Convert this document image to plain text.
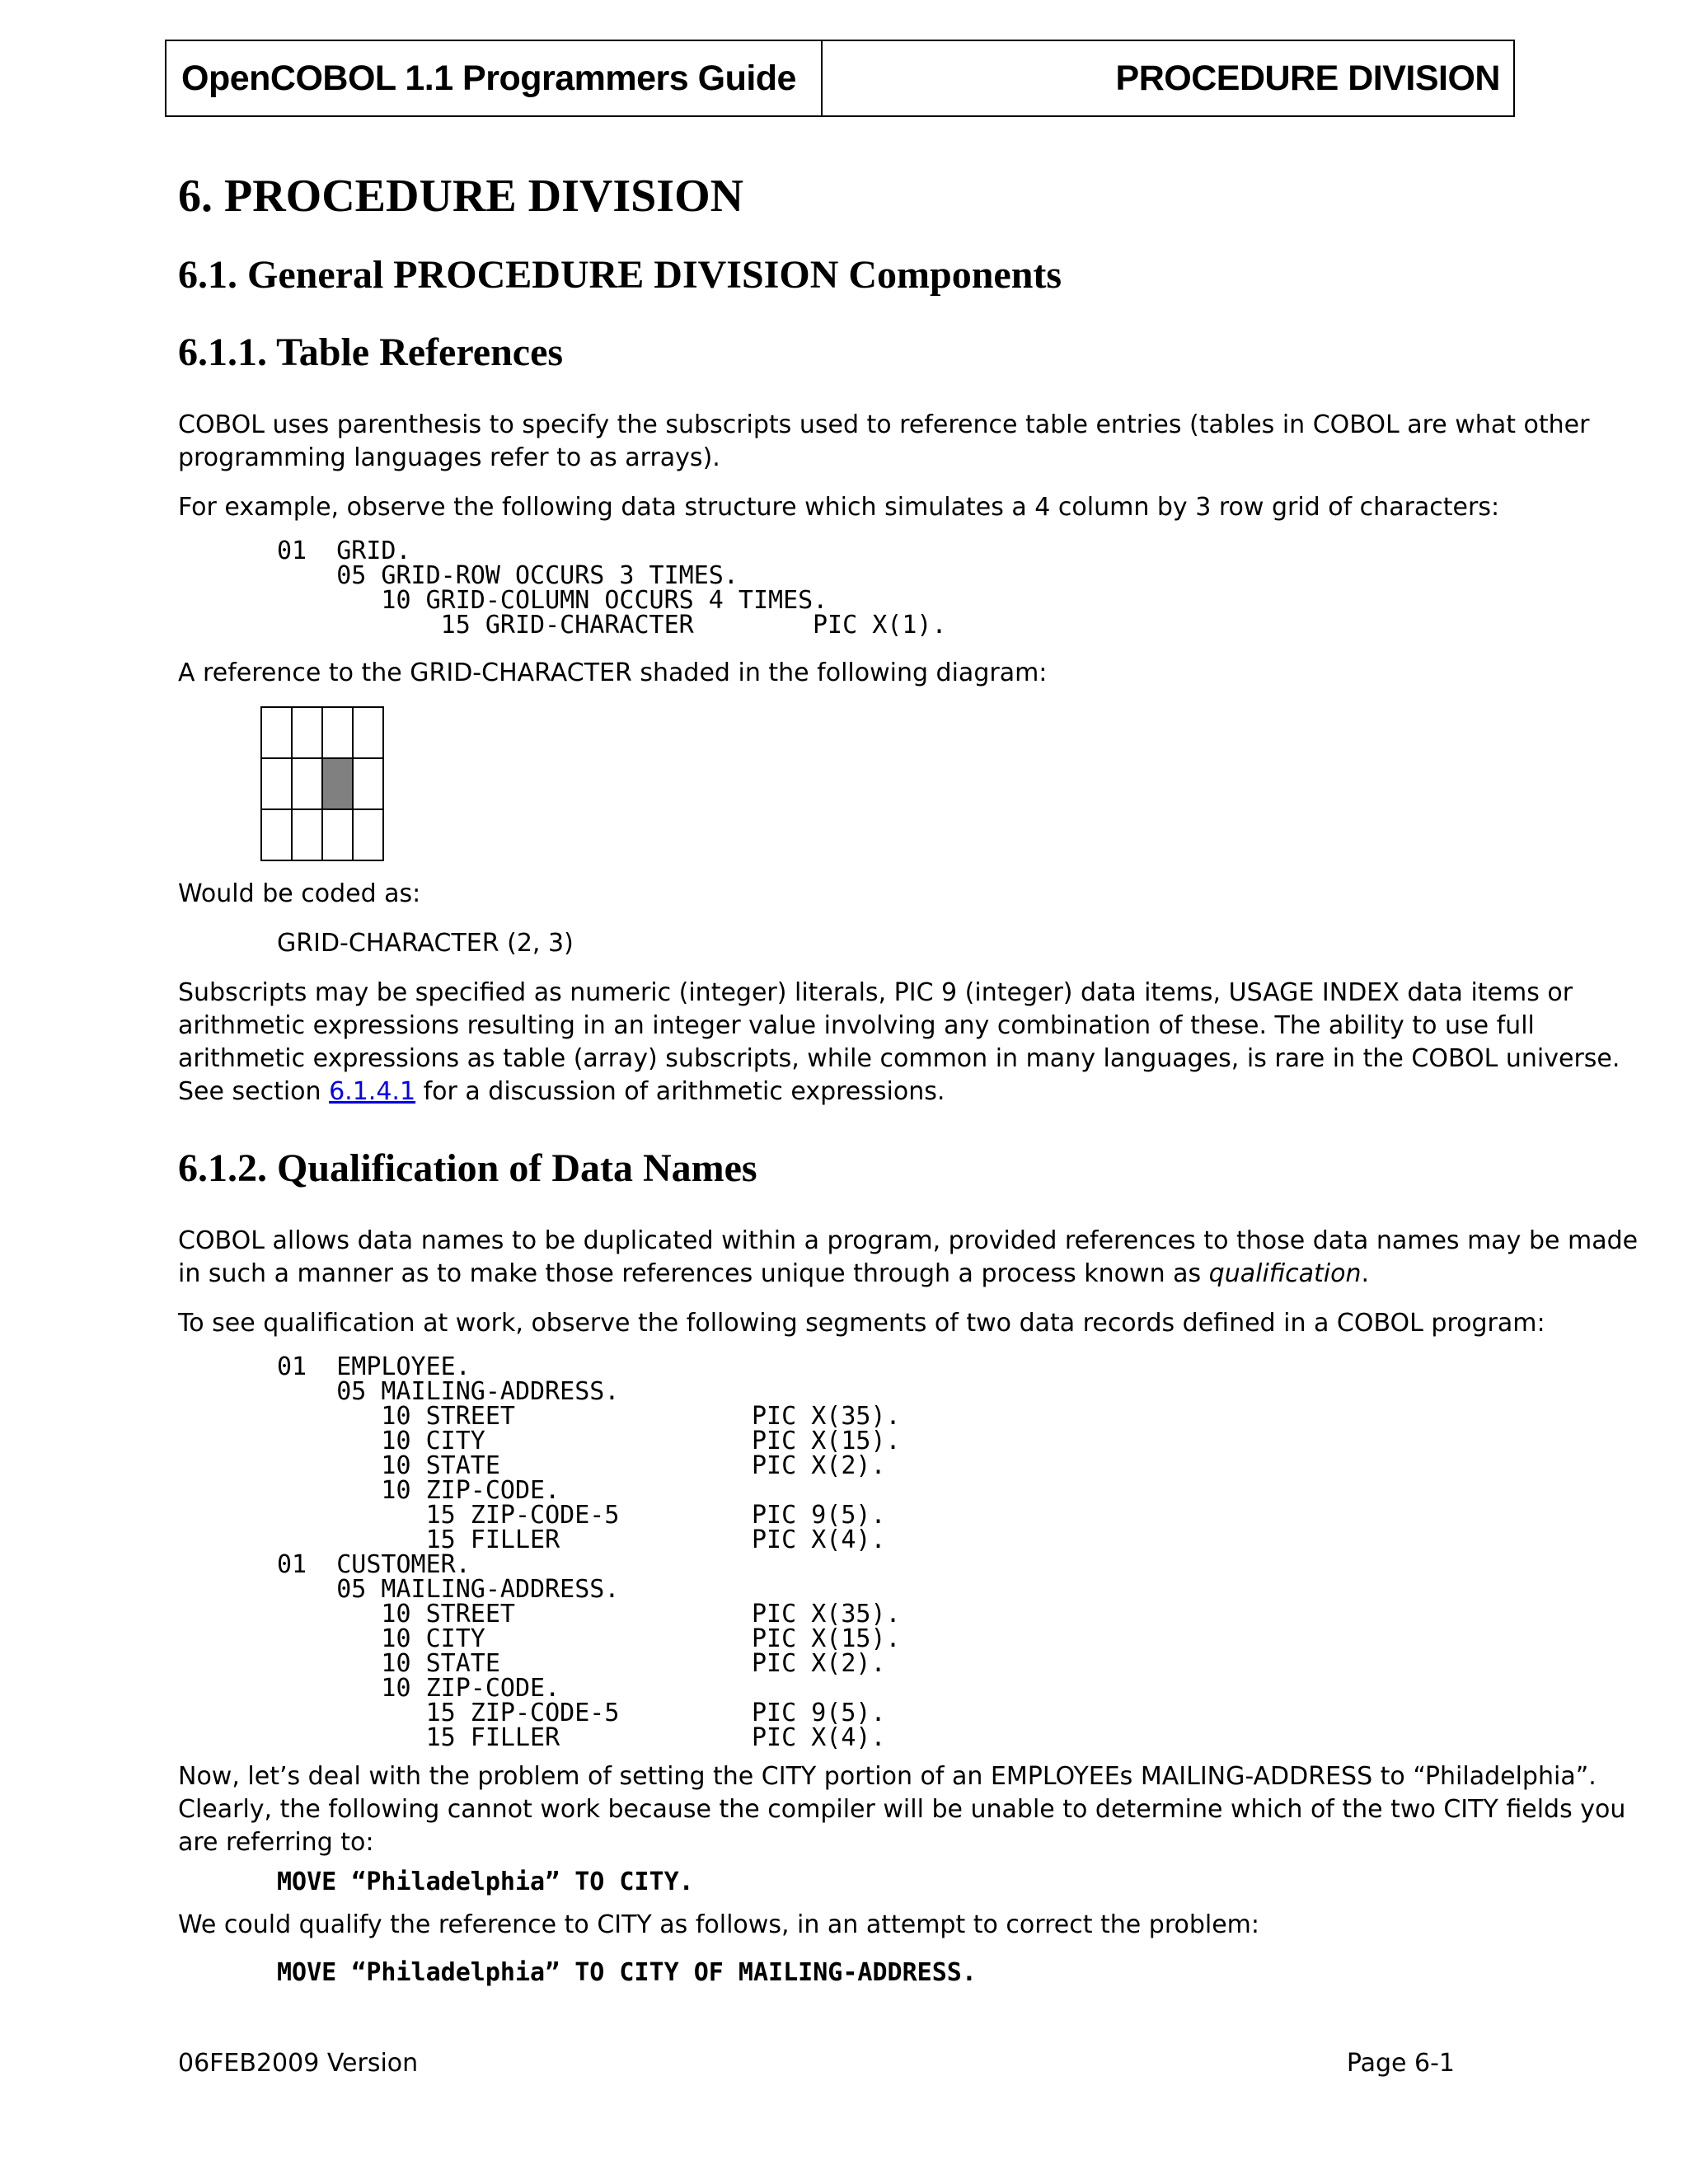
OpenCOBOL 1.1 Programmers Guide	PROCEDURE DIVISION
6. PROCEDURE DIVISION
6.1. General PROCEDURE DIVISION Components
6.1.1. Table References
COBOL uses parenthesis to specify the subscripts used to reference table entries (tables in COBOL are what other
programming languages refer to as arrays).
For example, observe the following data structure which simulates a 4 column by 3 row grid of characters:
01  GRID.
05 GRID-ROW OCCURS 3 TIMES.
10 GRID-COLUMN OCCURS 4 TIMES.
15 GRID-CHARACTER	PIC X(1).
A reference to the GRID-CHARACTER shaded in the following diagram:
Would be coded as:
GRID-CHARACTER (2, 3)
Subscripts may be specified as numeric (integer) literals, PIC 9 (integer) data items, USAGE INDEX data items or
arithmetic expressions resulting in an integer value involving any combination of these. The ability to use full
arithmetic expressions as table (array) subscripts, while common in many languages, is rare in the COBOL universe.
See section 6.1.4.1 for a discussion of arithmetic expressions.
6.1.2. Qualification of Data Names
COBOL allows data names to be duplicated within a program, provided references to those data names may be made
in such a manner as to make those references unique through a process known as qualification.
To see qualification at work, observe the following segments of two data records defined in a COBOL program:
01  EMPLOYEE.
05 MAILING-ADDRESS.
10 STREET	PIC X(35).
10 CITY	PIC X(15).
10 STATE	PIC X(2).
10 ZIP-CODE.
15 ZIP-CODE-5	PIC 9(5).
15 FILLER	PIC X(4).
01  CUSTOMER.
05 MAILING-ADDRESS.
10 STREET	PIC X(35).
10 CITY	PIC X(15).
10 STATE	PIC X(2).
10 ZIP-CODE.
15 ZIP-CODE-5	PIC 9(5).
15 FILLER	PIC X(4).
Now, let’s deal with the problem of setting the CITY portion of an EMPLOYEEs MAILING-ADDRESS to “Philadelphia”.
Clearly, the following cannot work because the compiler will be unable to determine which of the two CITY fields you
are referring to:
MOVE “Philadelphia” TO CITY.
We could qualify the reference to CITY as follows, in an attempt to correct the problem:
MOVE “Philadelphia” TO CITY OF MAILING-ADDRESS.

06FEB2009 Version	Page 6-1
